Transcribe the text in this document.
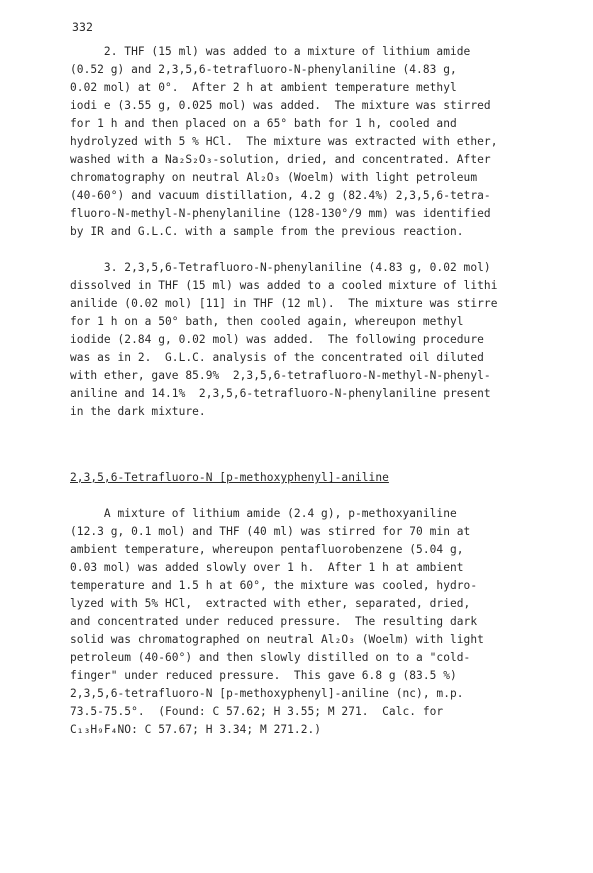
332
2. THF (15 ml) was added to a mixture of lithium amide
(0.52 g) and 2,3,5,6-tetrafluoro-N-phenylaniline (4.83 g,
0.02 mol) at 0°.  After 2 h at ambient temperature methyl
iodi e (3.55 g, 0.025 mol) was added.  The mixture was stirred
for 1 h and then placed on a 65° bath for 1 h, cooled and
hydrolyzed with 5 % HCl.  The mixture was extracted with ether,
washed with a Na₂S₂O₃-solution, dried, and concentrated. After
chromatography on neutral Al₂O₃ (Woelm) with light petroleum
(40-60°) and vacuum distillation, 4.2 g (82.4%) 2,3,5,6-tetra-
fluoro-N-methyl-N-phenylaniline (128-130°/9 mm) was identified
by IR and G.L.C. with a sample from the previous reaction.
3. 2,3,5,6-Tetrafluoro-N-phenylaniline (4.83 g, 0.02 mol)
dissolved in THF (15 ml) was added to a cooled mixture of lithi
anilide (0.02 mol) [11] in THF (12 ml).  The mixture was stirre
for 1 h on a 50° bath, then cooled again, whereupon methyl
iodide (2.84 g, 0.02 mol) was added.  The following procedure
was as in 2.  G.L.C. analysis of the concentrated oil diluted
with ether, gave 85.9%  2,3,5,6-tetrafluoro-N-methyl-N-phenyl-
aniline and 14.1%  2,3,5,6-tetrafluoro-N-phenylaniline present
in the dark mixture.
2,3,5,6-Tetrafluoro-N [p-methoxyphenyl]-aniline
A mixture of lithium amide (2.4 g), p-methoxyaniline
(12.3 g, 0.1 mol) and THF (40 ml) was stirred for 70 min at
ambient temperature, whereupon pentafluorobenzene (5.04 g,
0.03 mol) was added slowly over 1 h.  After 1 h at ambient
temperature and 1.5 h at 60°, the mixture was cooled, hydro-
lyzed with 5% HCl,  extracted with ether, separated, dried,
and concentrated under reduced pressure.  The resulting dark
solid was chromatographed on neutral Al₂O₃ (Woelm) with light
petroleum (40-60°) and then slowly distilled on to a "cold-
finger" under reduced pressure.  This gave 6.8 g (83.5 %)
2,3,5,6-tetrafluoro-N [p-methoxyphenyl]-aniline (nc), m.p.
73.5-75.5°.  (Found: C 57.62; H 3.55; M 271.  Calc. for
C₁₃H₉F₄NO: C 57.67; H 3.34; M 271.2.)
